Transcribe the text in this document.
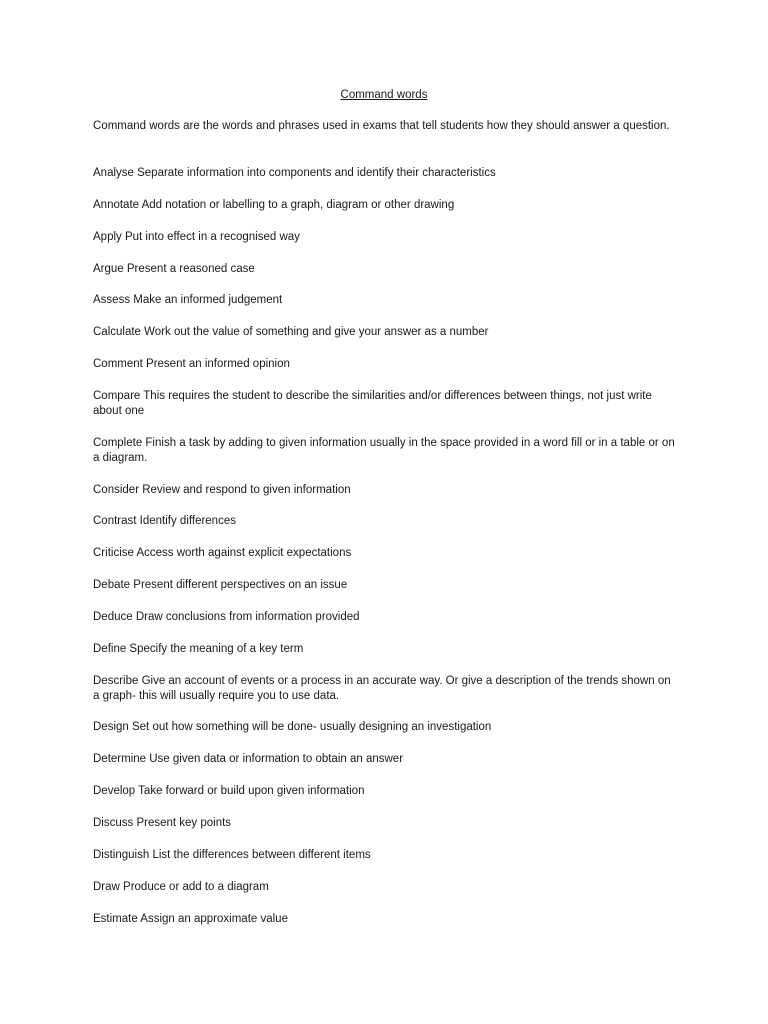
Command words

Command words are the words and phrases used in exams that tell students how they should answer a question.

Analyse Separate information into components and identify their characteristics

Annotate Add notation or labelling to a graph, diagram or other drawing

Apply Put into effect in a recognised way

Argue Present a reasoned case

Assess Make an informed judgement

Calculate Work out the value of something and give your answer as a number

Comment Present an informed opinion

Compare This requires the student to describe the similarities and/or differences between things, not just write about one

Complete Finish a task by adding to given information usually in the space provided in a word fill or in a table or on a diagram.

Consider Review and respond to given information

Contrast Identify differences

Criticise Access worth against explicit expectations

Debate Present different perspectives on an issue

Deduce Draw conclusions from information provided

Define Specify the meaning of a key term

Describe Give an account of events or a process in an accurate way. Or give a description of the trends shown on a graph- this will usually require you to use data.

Design Set out how something will be done- usually designing an investigation

Determine Use given data or information to obtain an answer

Develop Take forward or build upon given information

Discuss Present key points

Distinguish List the differences between different items

Draw Produce or add to a diagram

Estimate Assign an approximate value
